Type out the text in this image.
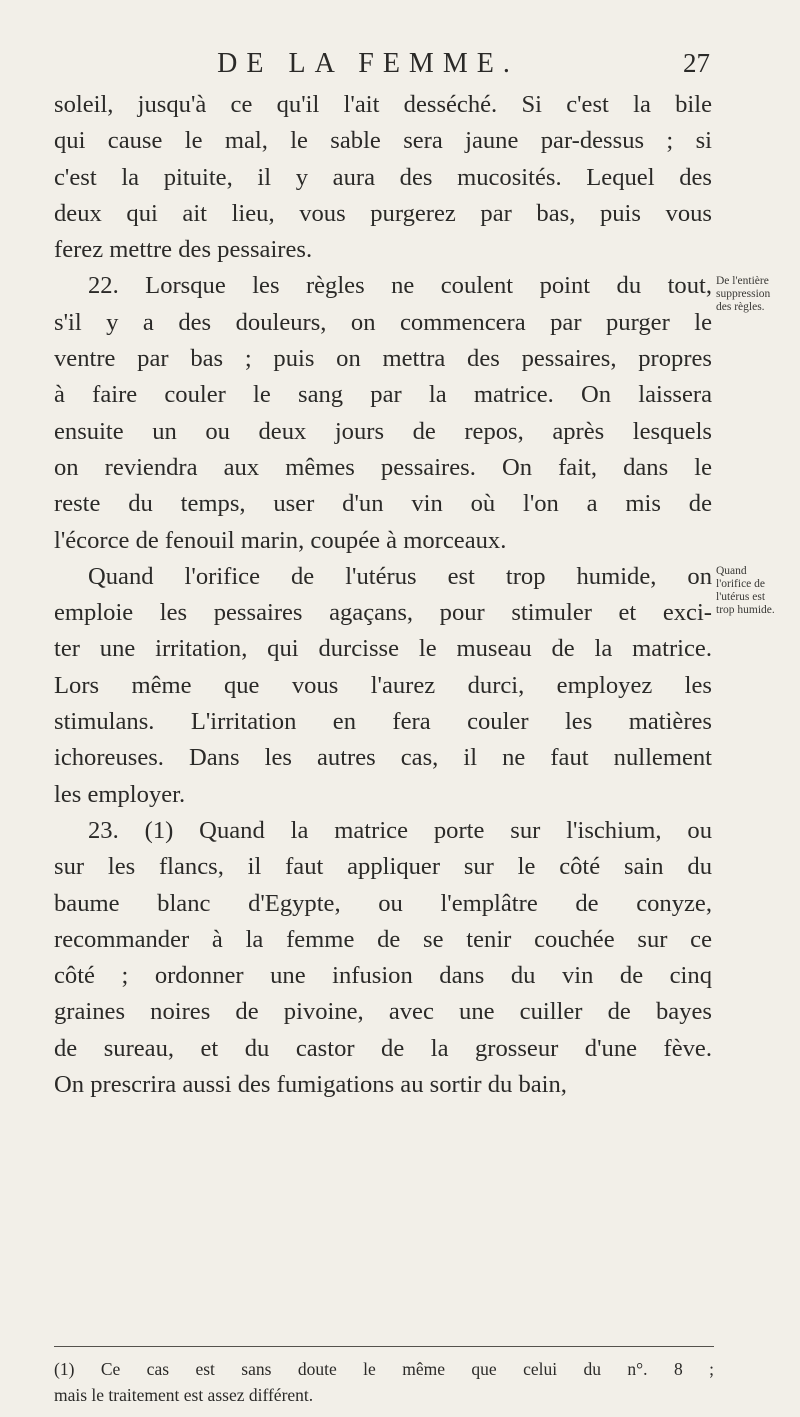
DE LA FEMME.	27

soleil, jusqu'à ce qu'il l'ait desséché. Si c'est la bile

qui cause le mal, le sable sera jaune par-dessus ; si

c'est la pituite, il y aura des mucosités. Lequel des

deux qui ait lieu, vous purgerez par bas, puis vous

ferez mettre des pessaires.

22. Lorsque les règles ne coulent point du tout,

s'il y a des douleurs, on commencera par purger le

ventre par bas ; puis on mettra des pessaires, propres

à faire couler le sang par la matrice. On laissera

ensuite un ou deux jours de repos, après lesquels

on reviendra aux mêmes pessaires. On fait, dans le

reste du temps, user d'un vin où l'on a mis de

l'écorce de fenouil marin, coupée à morceaux.

Quand l'orifice de l'utérus est trop humide, on

emploie les pessaires agaçans, pour stimuler et exci-

ter une irritation, qui durcisse le museau de la matrice.

Lors même que vous l'aurez durci, employez les

stimulans. L'irritation en fera couler les matières

ichoreuses. Dans les autres cas, il ne faut nullement

les employer.

23. (1) Quand la matrice porte sur l'ischium, ou

sur les flancs, il faut appliquer sur le côté sain du

baume blanc d'Egypte, ou l'emplâtre de conyze,

recommander à la femme de se tenir couchée sur ce

côté ; ordonner une infusion dans du vin de cinq

graines noires de pivoine, avec une cuiller de bayes

de sureau, et du castor de la grosseur d'une fève.

On prescrira aussi des fumigations au sortir du bain,

De l'entière
suppression
des règles.
Quand
l'orifice de
l'utérus est
trop humide.

(1) Ce cas est sans doute le même que celui du n°. 8 ;

mais le traitement est assez différent.
